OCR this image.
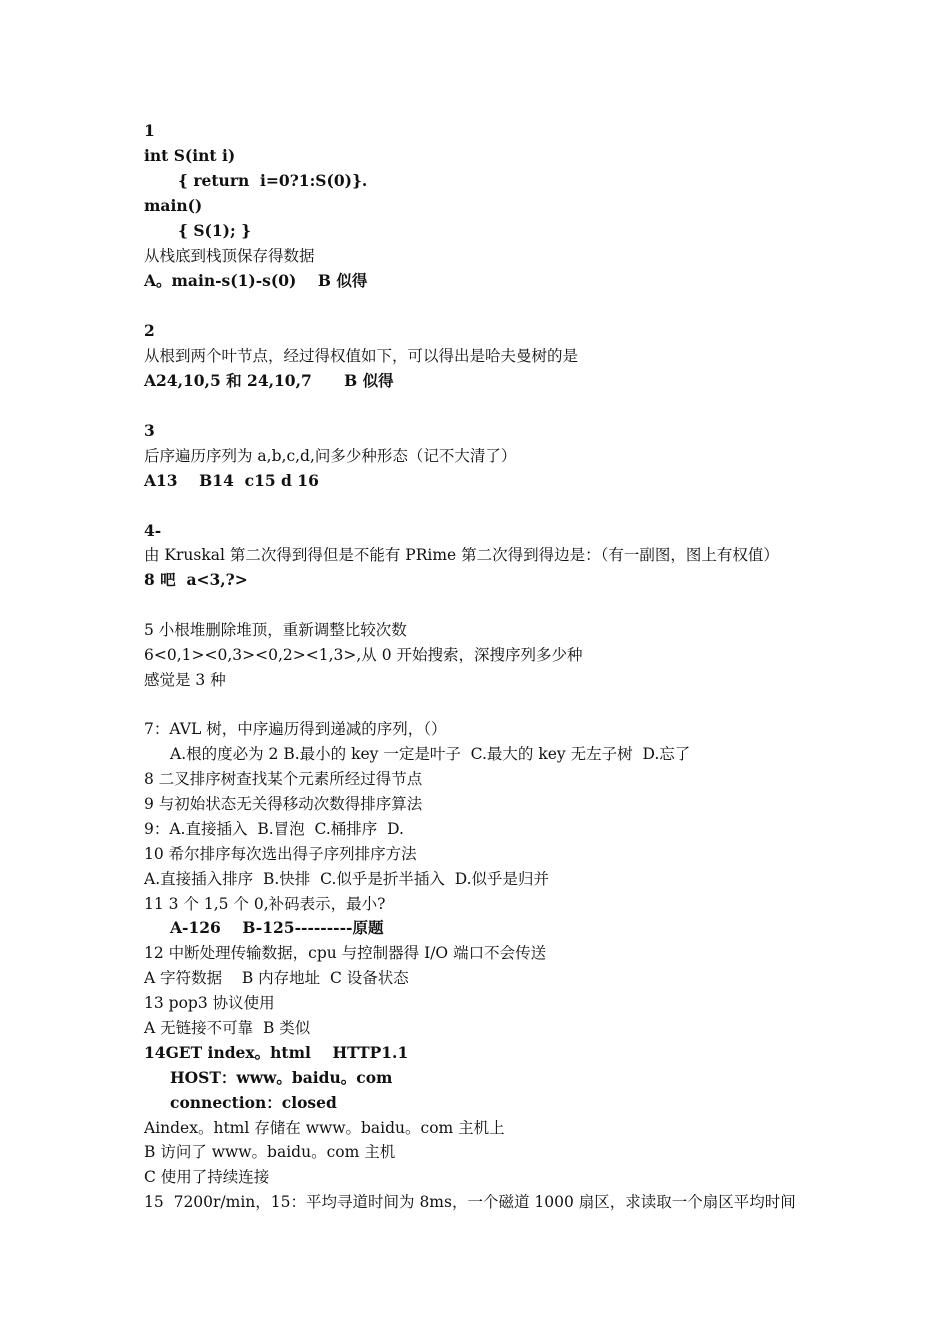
1
int S(int i)
{ return  i=0?1:S(0)}.
main()
{ S(1); }
从栈底到栈顶保存得数据
A。main-s(1)-s(0)    B 似得
2
从根到两个叶节点，经过得权值如下，可以得出是哈夫曼树的是
A24,10,5 和 24,10,7      B 似得
3
后序遍历序列为 a,b,c,d,问多少种形态（记不大清了）
A13    B14  c15 d 16
4-
由 Kruskal 第二次得到得但是不能有 PRime 第二次得到得边是：（有一副图，图上有权值）
8 吧  a<3,?>
5 小根堆删除堆顶，重新调整比较次数
6<0,1><0,3><0,2><1,3>,从 0 开始搜索，深搜序列多少种
感觉是 3 种
7：AVL 树，中序遍历得到递减的序列，（）
A.根的度必为 2 B.最小的 key 一定是叶子  C.最大的 key 无左子树  D.忘了
8 二叉排序树查找某个元素所经过得节点
9 与初始状态无关得移动次数得排序算法
9：A.直接插入  B.冒泡  C.桶排序  D.
10 希尔排序每次选出得子序列排序方法
A.直接插入排序  B.快排  C.似乎是折半插入  D.似乎是归并
11 3 个 1,5 个 0,补码表示，最小?
A-126    B-125---------原题
12 中断处理传输数据，cpu 与控制器得 I/O 端口不会传送
A 字符数据    B 内存地址  C 设备状态
13 pop3 协议使用
A 无链接不可靠  B 类似
14GET index。html    HTTP1.1
HOST：www。baidu。com
connection：closed
Aindex。html 存储在 www。baidu。com 主机上
B 访问了 www。baidu。com 主机
C 使用了持续连接
15  7200r/min，15：平均寻道时间为 8ms，一个磁道 1000 扇区，求读取一个扇区平均时间
